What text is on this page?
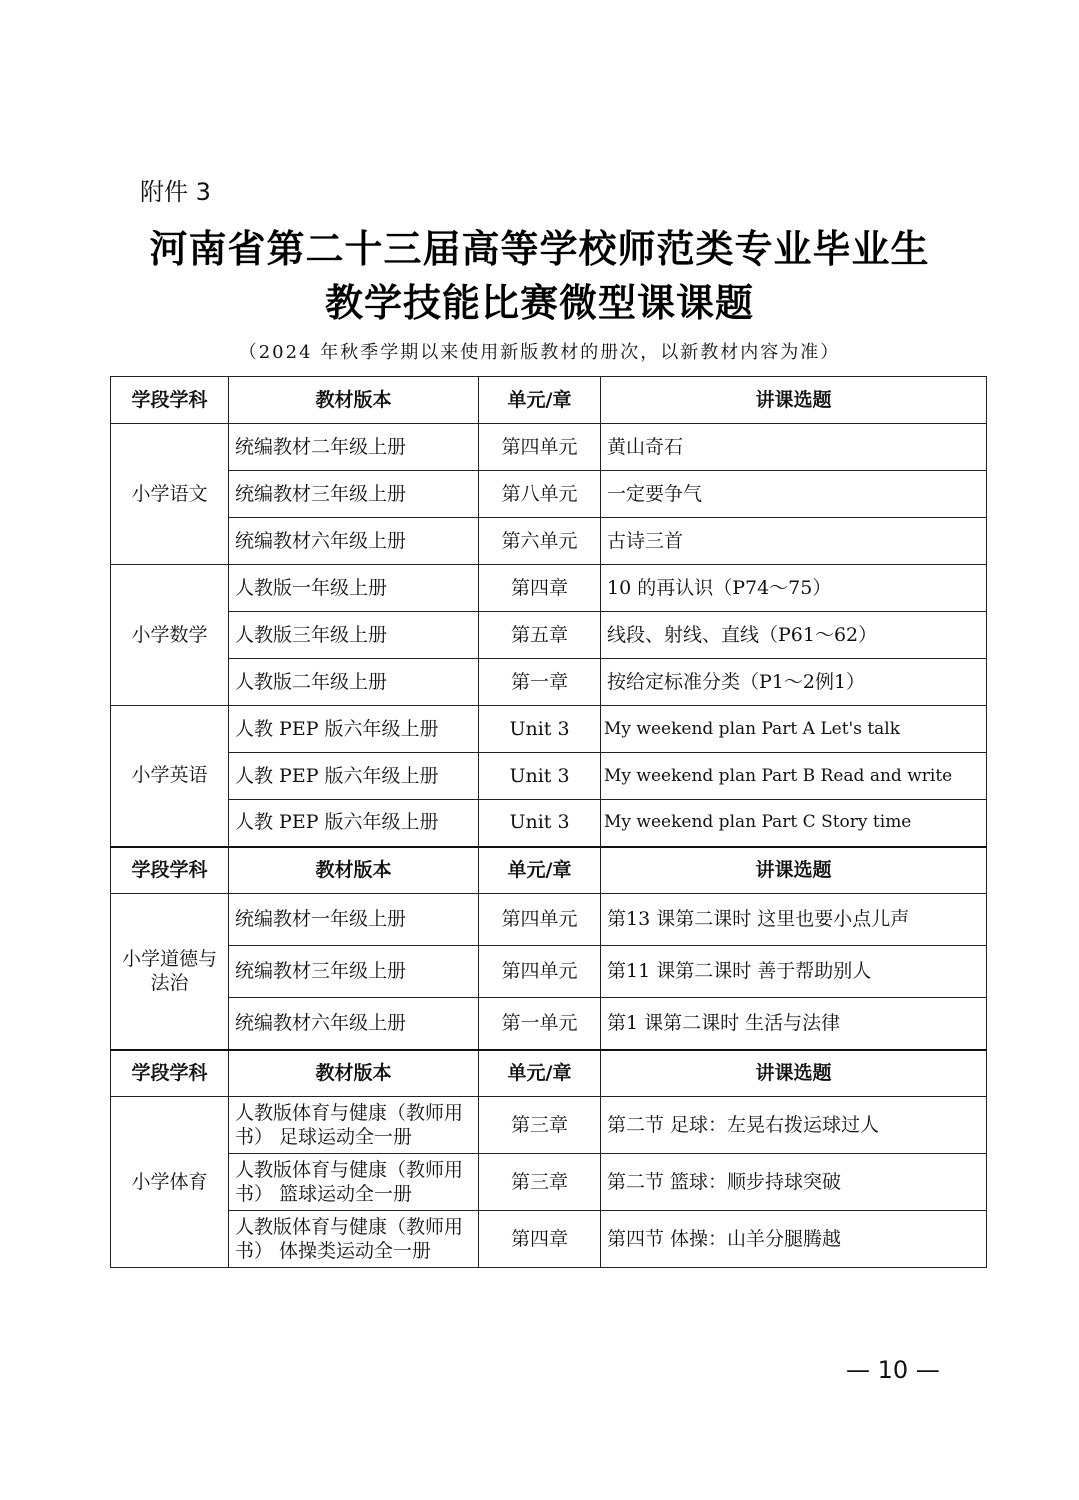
附件 3
河南省第二十三届高等学校师范类专业毕业生
教学技能比赛微型课课题
（2024 年秋季学期以来使用新版教材的册次，以新教材内容为准）
学段学科	教材版本	单元/章	讲课选题
小学语文	统编教材二年级上册	第四单元	黄山奇石
	统编教材三年级上册	第八单元	一定要争气
	统编教材六年级上册	第六单元	古诗三首
小学数学	人教版一年级上册	第四章	10 的再认识（P74～75）
	人教版三年级上册	第五章	线段、射线、直线（P61～62）
	人教版二年级上册	第一章	按给定标准分类（P1～2例1）
小学英语	人教 PEP 版六年级上册	Unit 3	My weekend plan Part A Let's talk
	人教 PEP 版六年级上册	Unit 3	My weekend plan Part B Read and write
	人教 PEP 版六年级上册	Unit 3	My weekend plan Part C Story time
学段学科	教材版本	单元/章	讲课选题
小学道德与法治	统编教材一年级上册	第四单元	第13 课第二课时 这里也要小点儿声
	统编教材三年级上册	第四单元	第11 课第二课时 善于帮助别人
	统编教材六年级上册	第一单元	第1 课第二课时 生活与法律
学段学科	教材版本	单元/章	讲课选题
小学体育	人教版体育与健康（教师用书） 足球运动全一册	第三章	第二节 足球：左晃右拨运球过人
	人教版体育与健康（教师用书） 篮球运动全一册	第三章	第二节 篮球：顺步持球突破
	人教版体育与健康（教师用书） 体操类运动全一册	第四章	第四节 体操：山羊分腿腾越
— 10 —
